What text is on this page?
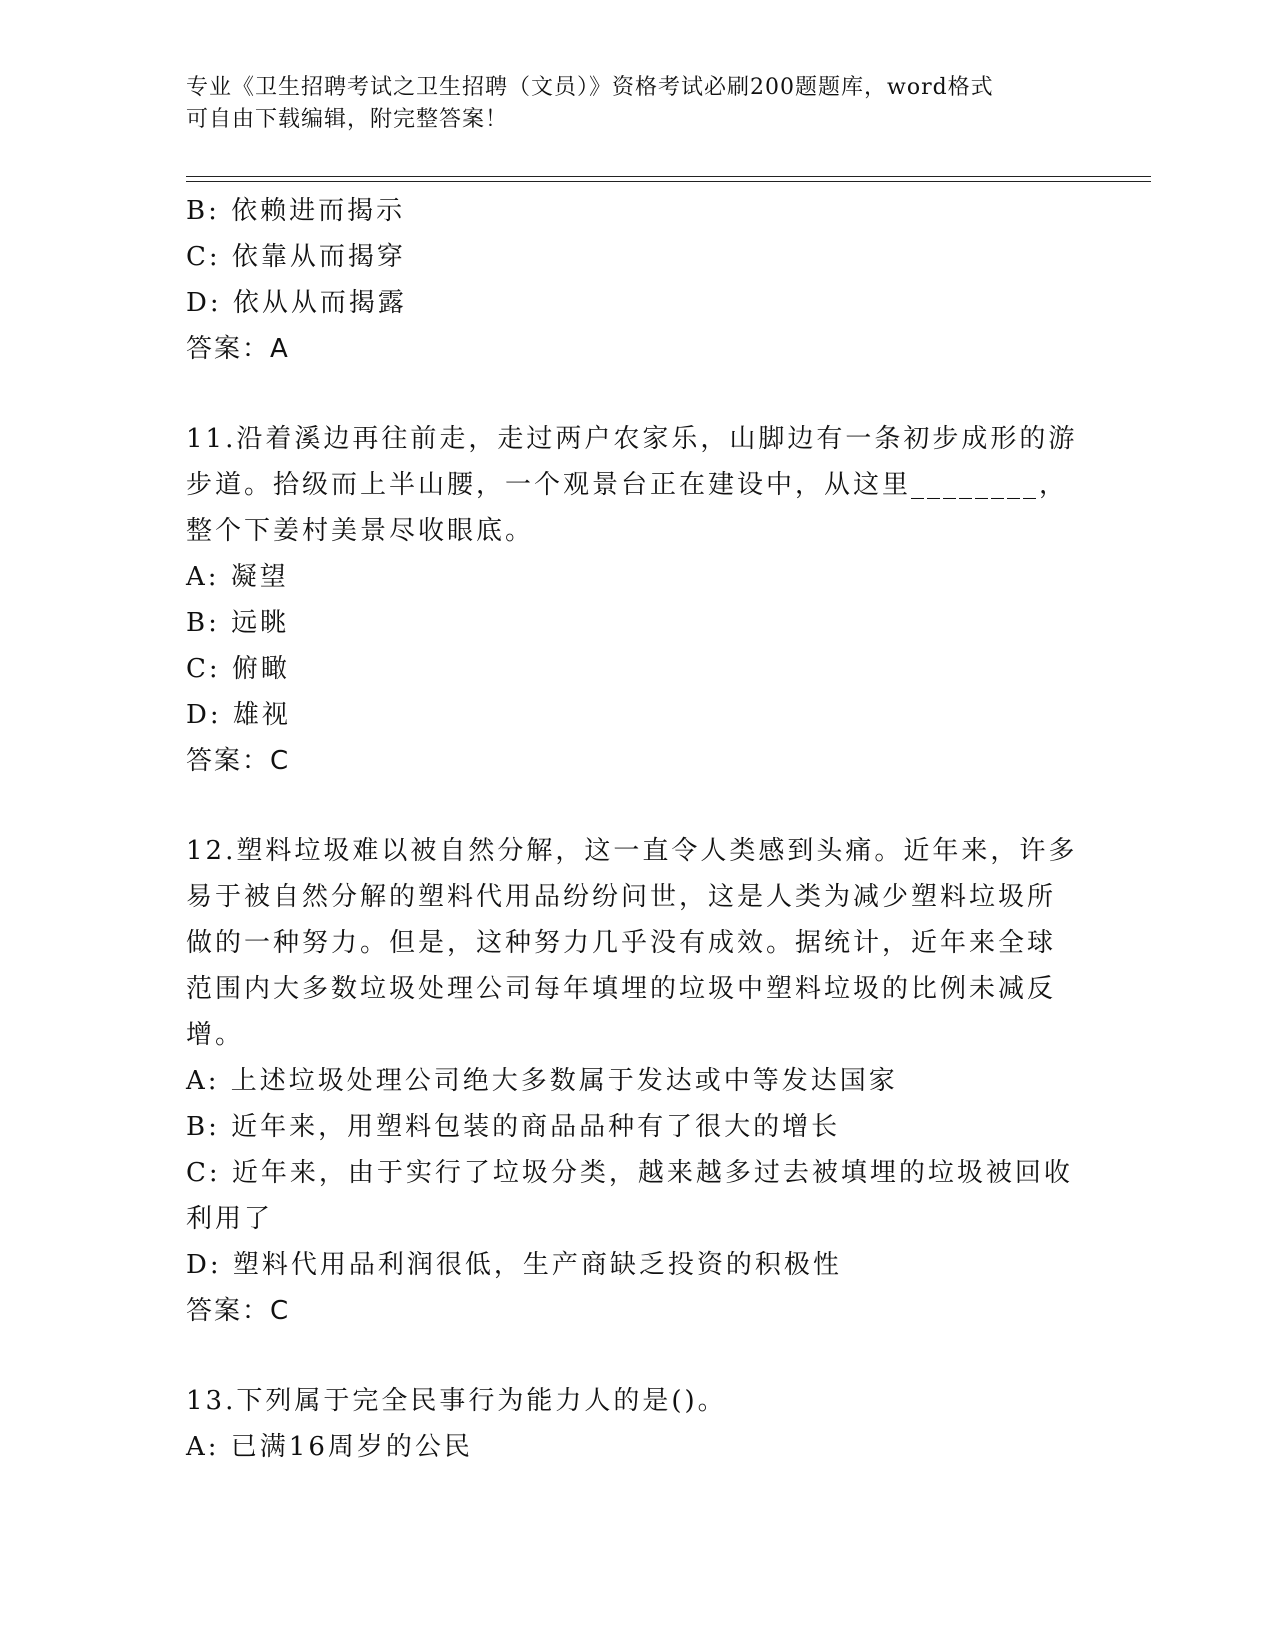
专业《卫生招聘考试之卫生招聘（文员）》资格考试必刷200题题库，word格式
可自由下载编辑，附完整答案！
B: 依赖进而揭示
C: 依靠从而揭穿
D: 依从从而揭露
答案：A
11.沿着溪边再往前走，走过两户农家乐，山脚边有一条初步成形的游
步道。拾级而上半山腰，一个观景台正在建设中，从这里________，
整个下姜村美景尽收眼底。
A: 凝望
B: 远眺
C: 俯瞰
D: 雄视
答案：C
12.塑料垃圾难以被自然分解，这一直令人类感到头痛。近年来，许多
易于被自然分解的塑料代用品纷纷问世，这是人类为减少塑料垃圾所
做的一种努力。但是，这种努力几乎没有成效。据统计，近年来全球
范围内大多数垃圾处理公司每年填埋的垃圾中塑料垃圾的比例未减反
增。
A: 上述垃圾处理公司绝大多数属于发达或中等发达国家
B: 近年来，用塑料包装的商品品种有了很大的增长
C: 近年来，由于实行了垃圾分类，越来越多过去被填埋的垃圾被回收
利用了
D: 塑料代用品利润很低，生产商缺乏投资的积极性
答案：C
13.下列属于完全民事行为能力人的是()。
A: 已满16周岁的公民
